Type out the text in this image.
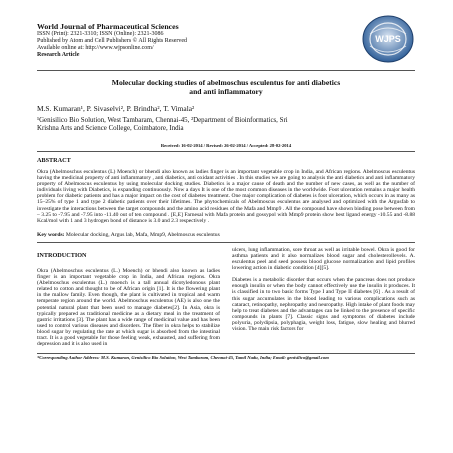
World Journal of Pharmaceutical Sciences
ISSN (Print): 2321-3310; ISSN (Online): 2321-3086
Published by Atom and Cell Publishers © All Rights Reserved
Available online at: http://www.wjpsonline.com/
Research Article
WJPS
Molecular docking studies of abelmoschus esculentus for anti diabetics
and anti inflammatory
M.S. Kumaran¹, P. Sivaselvi², P. Brindha², T. Vimala²
¹Genisilico Bio Solution, West Tambaram, Chennai-45, ²Department of Bioinformatics, Sri
Krishna Arts and Science College, Coimbatore, India
Received: 16-02-2014 / Revised: 26-02-2014 / Accepted: 28-02-2014
ABSTRACT
Okra (Abelmoschus esculentus (L) Moench) or bhendi also known as ladies finger is an important vegetable crop in India, and African regions. Abelmoscus esculentus having the medicinal property of anti inflammatory , anti diabetics, anti oxidant activities . In this studies we are going to analysis the anti diabetics and anti inflammatory property of Abelmoscus esculentus by using molecular docking studies. Diabetics is a major cause of death and the number of new cases, as well as the number of individuals living with Diabetics, is expanding continuously. Now a days It is one of the most common diseases in the worldwide. Foot ulceration remains a major health problem for diabetic patients and has a major impact on the cost of diabetes treatment. One major complication of diabetes is foot ulceration, which occurs in as many as 15–25% of type 1 and type 2 diabetic patients over their lifetimes. The phytochemicals of Abelmoscus esculentus are analysed and optimized with the Argusfab to investigate the interactions between the target compounds and the amino acid residues of the Mafa and Mmp9 . All the compound have shown binding pose between from – 3.25 to -7.95 and -7.95 into -11.40 out of ten compound . [E,E] Farnesal with Mafa protein and gossypol with Mmp9 protein show best ligand energy -10.55 and -8.88 Kcal/mol with 1 and 3 hydrogen bond of distance is 3.0 and 2.3 respectively .
Key words: Molecular docking, Argus lab, Mafa, Mmp9, Abelmoscus esculentus
INTRODUCTION

Okra (Abelmoschus esculentus (L.) Moench) or bhendi also known as ladies finger is an important vegetable crop in India, and African regions. Okra (Abelmoschus esculentus (L.) moench is a tall annual dicotyledonous plant related to cotton and thought to be of African origin [1]. It is the flowering plant in the mallow family. Even though, the plant is cultivated in tropical and warm temperate region around the world. Abelmoschus esculentus (AE) is also one the potential natural plant that been used to manage diabetes[2]. In Asia, okra is typically prepared as traditional medicine as a dietary meal in the treatment of gastric irritations [3]. The plant has a wide range of medicinal value and has been used to control various diseases and disorders. The fiber in okra helps to stabilize blood sugar by regulating the rate at which sugar is absorbed from the intestinal tract. It is a good vegetable for those feeling weak, exhausted, and suffering from depression and it is also used in

ulcers, lung inflammation, sore throat as well as irritable bowel. Okra is good for asthma patients and it also normalizes blood sugar and cholesterollevels. A. esculentus peel and seed possess blood glucose normalization and lipid profiles lowering action in diabetic condition [4][5].

Diabetes is a metabolic disorder that occurs when the pancreas does not produce enough insulin or when the body cannot effectively use the insulin it produces. It is classified in to two basic forms Type I and Type II diabetes [6] . As a result of this sugar accumulates in the blood leading to various complications such as cataract, retinopathy, nephropathy and neuropathy. High intake of plant foods may help to treat diabetes and the advantages can be linked to the presence of specific compounds in plants [7]. Classic signs and symptoms of diabetes include polyuria, polydipsia, polyphagia, weight loss, fatigue, slow healing and blurred vision. The main risk factors for

*Corresponding Author Address: M.S. Kumaran, Genisilico Bio Solution, West Tambaram, Chennai-45, Tamil Nadu, India; Email: genisilico@gmail.com
